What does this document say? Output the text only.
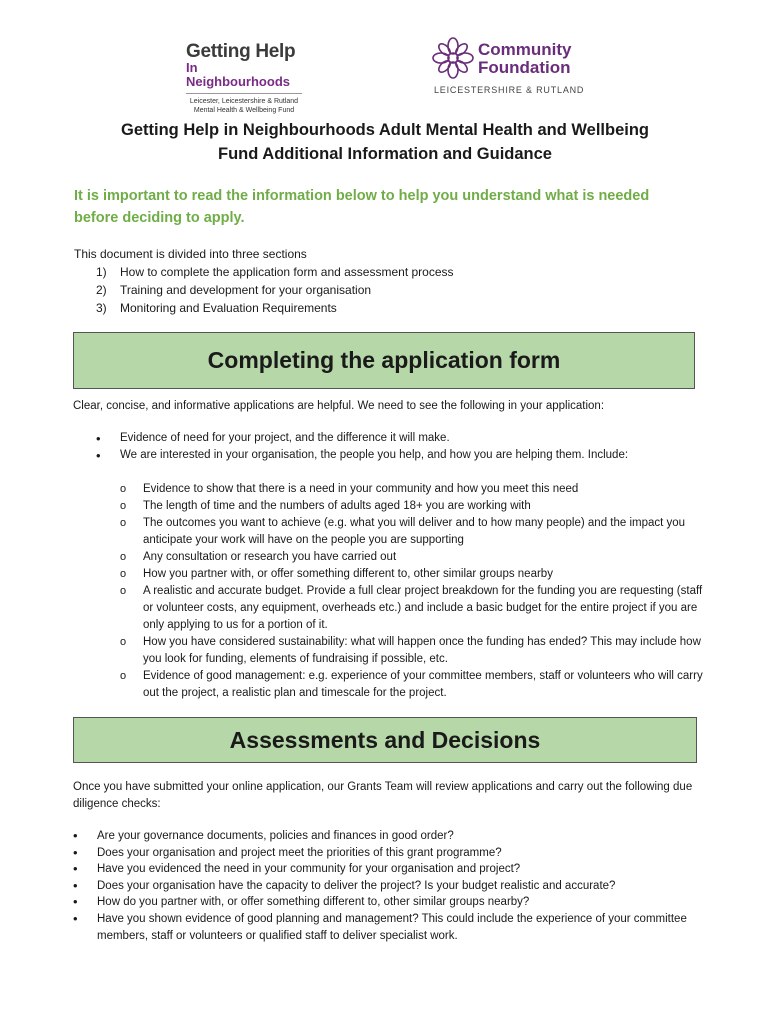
Getting Help
In Neighbourhoods
Leicester, Leicestershire & Rutland
Mental Health & Wellbeing Fund
Community
Foundation
LEICESTERSHIRE & RUTLAND
Getting Help in Neighbourhoods Adult Mental Health and Wellbeing
Fund Additional Information and Guidance
It is important to read the information below to help you understand what is needed before deciding to apply.
This document is divided into three sections
1)	How to complete the application form and assessment process
2)	Training and development for your organisation
3)	Monitoring and Evaluation Requirements
Completing the application form
Clear, concise, and informative applications are helpful. We need to see the following in your application:
• Evidence of need for your project, and the difference it will make.
• We are interested in your organisation, the people you help, and how you are helping them. Include:
o Evidence to show that there is a need in your community and how you meet this need
o The length of time and the numbers of adults aged 18+ you are working with
o The outcomes you want to achieve (e.g. what you will deliver and to how many people) and the impact you anticipate your work will have on the people you are supporting
o Any consultation or research you have carried out
o How you partner with, or offer something different to, other similar groups nearby
o A realistic and accurate budget. Provide a full clear project breakdown for the funding you are requesting (staff or volunteer costs, any equipment, overheads etc.) and include a basic budget for the entire project if you are only applying to us for a portion of it.
o How you have considered sustainability: what will happen once the funding has ended? This may include how you look for funding, elements of fundraising if possible, etc.
o Evidence of good management: e.g. experience of your committee members, staff or volunteers who will carry out the project, a realistic plan and timescale for the project.
Assessments and Decisions
Once you have submitted your online application, our Grants Team will review applications and carry out the following due diligence checks:
• Are your governance documents, policies and finances in good order?
• Does your organisation and project meet the priorities of this grant programme?
• Have you evidenced the need in your community for your organisation and project?
• Does your organisation have the capacity to deliver the project? Is your budget realistic and accurate?
• How do you partner with, or offer something different to, other similar groups nearby?
• Have you shown evidence of good planning and management? This could include the experience of your committee members, staff or volunteers or qualified staff to deliver specialist work.
